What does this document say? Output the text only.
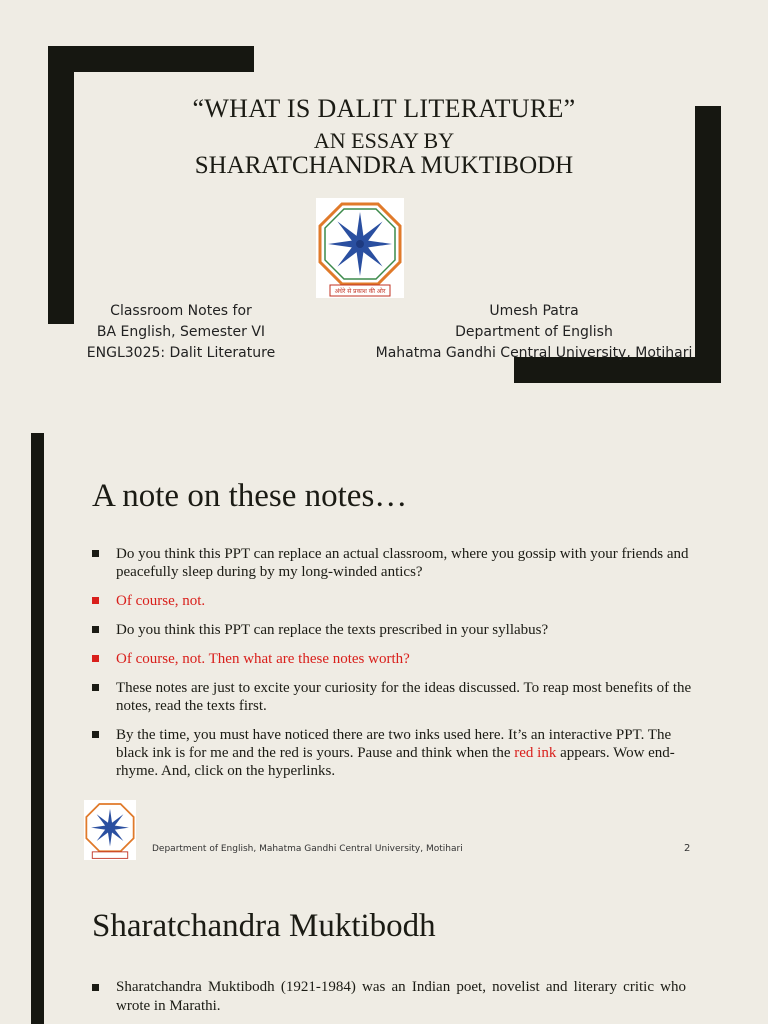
“WHAT IS DALIT LITERATURE”
AN ESSAY BY
SHARATCHANDRA MUKTIBODH
अंधेरे से प्रकाश की ओर
Classroom Notes for
BA English, Semester VI
ENGL3025: Dalit Literature
Umesh Patra
Department of English
Mahatma Gandhi Central University, Motihari
A note on these notes…
Do you think this PPT can replace an actual classroom, where you gossip with your friends and peacefully sleep during by my long-winded antics?
Of course, not.
Do you think this PPT can replace the texts prescribed in your syllabus?
Of course, not. Then what are these notes worth?
These notes are just to excite your curiosity for the ideas discussed. To reap most benefits of the notes, read the texts first.
By the time, you must have noticed there are two inks used here. It’s an interactive PPT. The black ink is for me and the red is yours. Pause and think when the red ink appears. Wow end-rhyme. And, click on the hyperlinks.
Department of English, Mahatma Gandhi Central University, Motihari	2
Sharatchandra Muktibodh
Sharatchandra Muktibodh (1921-1984) was an Indian poet, novelist and literary critic who wrote in Marathi.
